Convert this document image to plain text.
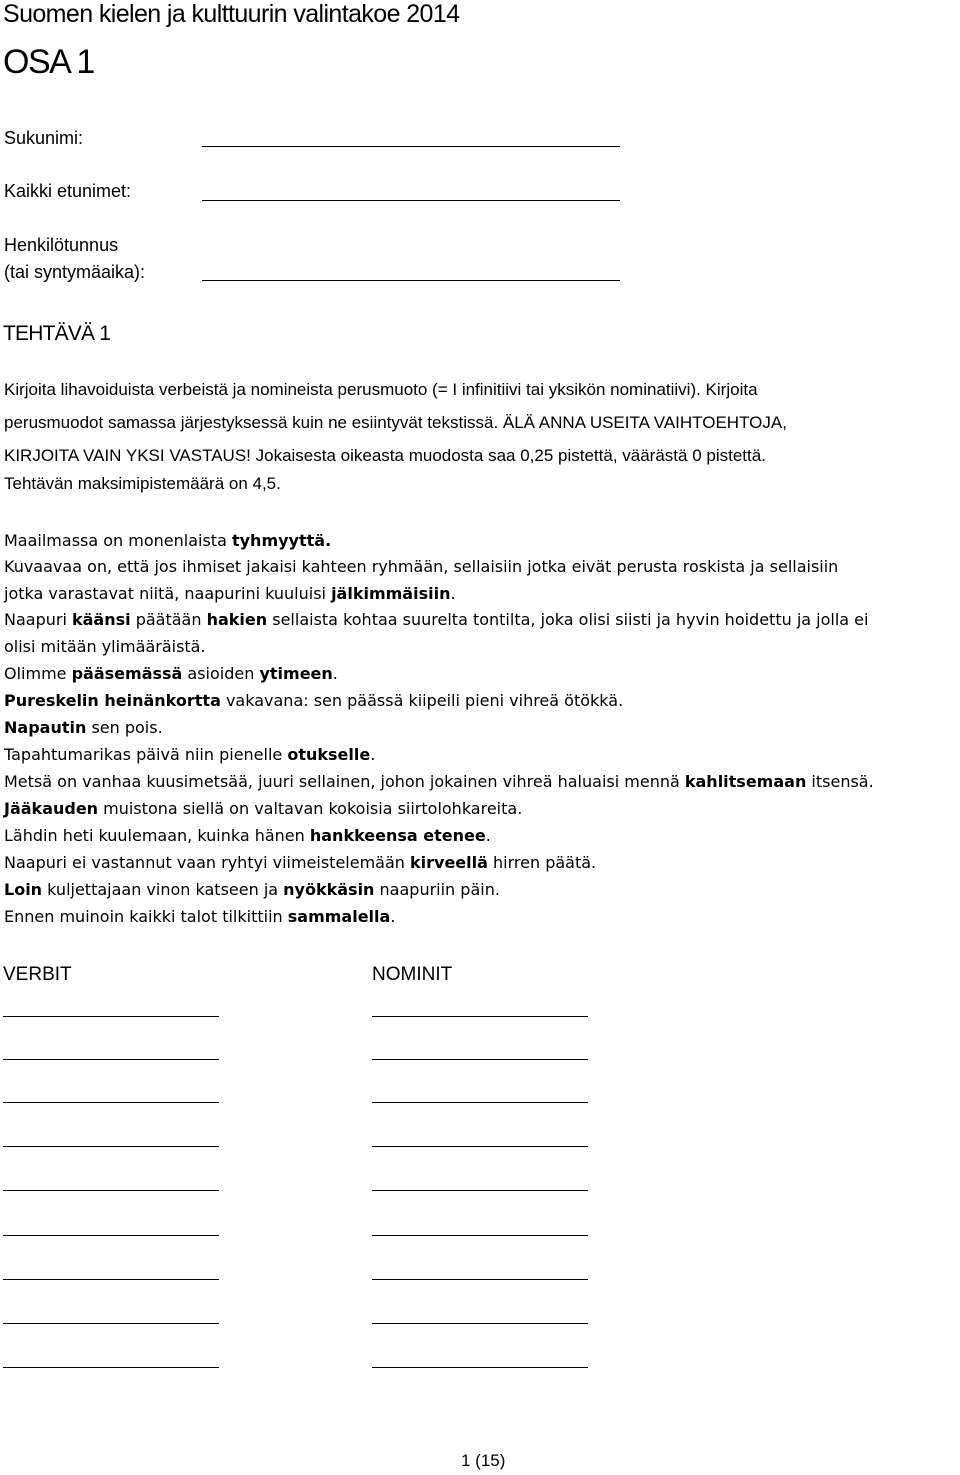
Suomen kielen ja kulttuurin valintakoe 2014
OSA 1
Sukunimi:
Kaikki etunimet:
Henkilötunnus
(tai syntymäaika):
TEHTÄVÄ 1
Kirjoita lihavoiduista verbeistä ja nomineista perusmuoto (= I infinitiivi tai yksikön nominatiivi). Kirjoita
perusmuodot samassa järjestyksessä kuin ne esiintyvät tekstissä. ÄLÄ ANNA USEITA VAIHTOEHTOJA,
KIRJOITA VAIN YKSI VASTAUS! Jokaisesta oikeasta muodosta saa 0,25 pistettä, väärästä 0 pistettä.
Tehtävän maksimipistemäärä on 4,5.
Maailmassa on monenlaista tyhmyyttä.
Kuvaavaa on, että jos ihmiset jakaisi kahteen ryhmään, sellaisiin jotka eivät perusta roskista ja sellaisiin
jotka varastavat niitä, naapurini kuuluisi jälkimmäisiin.
Naapuri käänsi päätään hakien sellaista kohtaa suurelta tontilta, joka olisi siisti ja hyvin hoidettu ja jolla ei
olisi mitään ylimääräistä.
Olimme pääsemässä asioiden ytimeen.
Pureskelin heinänkortta vakavana: sen päässä kiipeili pieni vihreä ötökkä.
Napautin sen pois.
Tapahtumarikas päivä niin pienelle otukselle.
Metsä on vanhaa kuusimetsää, juuri sellainen, johon jokainen vihreä haluaisi mennä kahlitsemaan itsensä.
Jääkauden muistona siellä on valtavan kokoisia siirtolohkareita.
Lähdin heti kuulemaan, kuinka hänen hankkeensa etenee.
Naapuri ei vastannut vaan ryhtyi viimeistelemään kirveellä hirren päätä.
Loin kuljettajaan vinon katseen ja nyökkäsin naapuriin päin.
Ennen muinoin kaikki talot tilkittiin sammalella.
VERBIT	NOMINIT
1 (15)
